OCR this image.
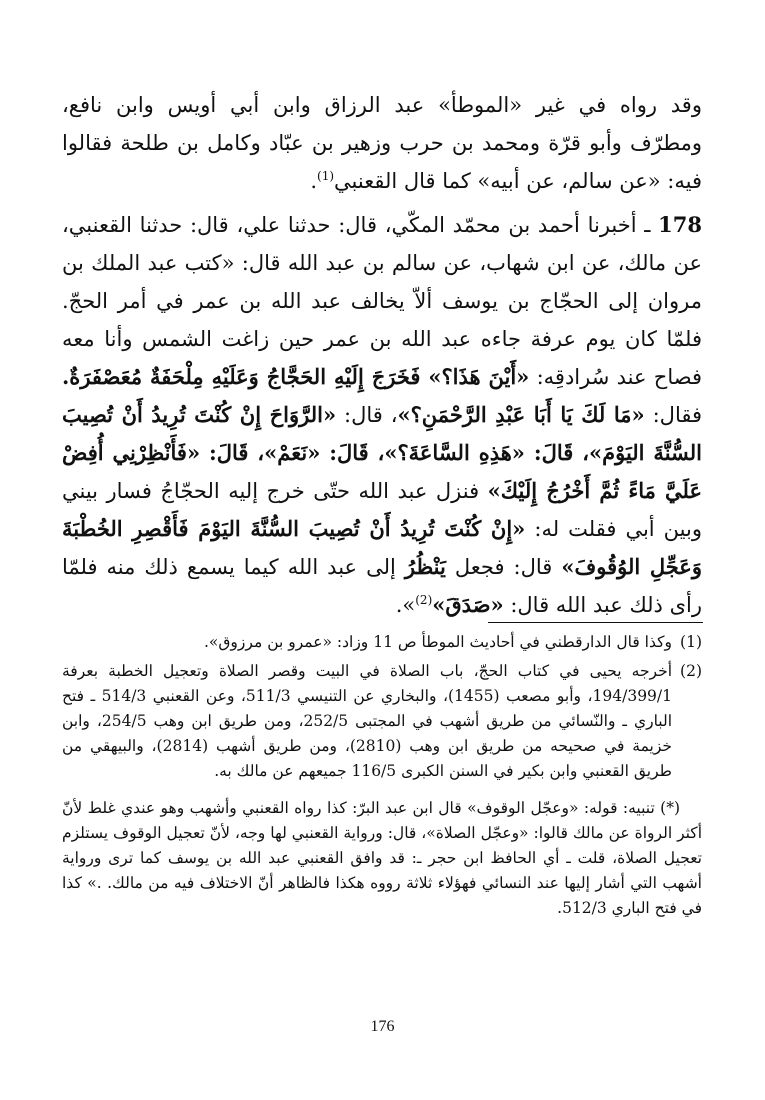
وقد رواه في غير «الموطأ» عبد الرزاق وابن أبي أويس وابن نافع، ومطرّف وأبو قرّة ومحمد بن حرب وزهير بن عبّاد وكامل بن طلحة فقالوا فيه: «عن سالم، عن أبيه» كما قال القعنبي$^{(1)}$.

178 ـ أخبرنا أحمد بن محمّد المكّي، قال: حدثنا علي، قال: حدثنا القعنبي، عن مالك، عن ابن شهاب، عن سالم بن عبد الله قال: «كتب عبد الملك بن مروان إلى الحجّاج بن يوسف ألاّ يخالف عبد الله بن عمر في أمر الحجّ. فلمّا كان يوم عرفة جاءه عبد الله بن عمر حين زاغت الشمس وأنا معه فصاح عند سُرادقِه: «أَيْنَ هَذَا؟» فَخَرَجَ إِلَيْهِ الحَجَّاجُ وَعَلَيْهِ مِلْحَفَةٌ مُعَصْفَرَةٌ. فقال: «مَا لَكَ يَا أَبَا عَبْدِ الرَّحْمَنِ؟»، قال: «الرَّوَاحَ إِنْ كُنْتَ تُرِيدُ أَنْ تُصِيبَ السُّنَّةَ اليَوْمَ»، قَالَ: «هَذِهِ السَّاعَةَ؟»، قَالَ: «نَعَمْ»، قَالَ: «فَأَنْظِرْنِي أُفِضْ عَلَيَّ مَاءً ثُمَّ أَخْرُجُ إِلَيْكَ» فنزل عبد الله حتّى خرج إليه الحجّاجُ فسار بيني وبين أبي فقلت له: «إِنْ كُنْتَ تُرِيدُ أَنْ تُصِيبَ السُّنَّةَ اليَوْمَ فَأَقْصِرِ الخُطْبَةَ وَعَجِّلِ الوُقُوفَ» قال: فجعل يَنْظُرُ إلى عبد الله كيما يسمع ذلك منه فلمّا رأى ذلك عبد الله قال: «صَدَقَ»$^{(2)}$».

(1)
وكذا قال الدارقطني في أحاديث الموطأ ص 11 وزاد: «عمرو بن مرزوق».
(2)
أخرجه يحيى في كتاب الحجّ، باب الصلاة في البيت وقصر الصلاة وتعجيل الخطبة بعرفة 194/399/1، وأبو مصعب (1455)، والبخاري عن التنيسي 511/3، وعن القعنبي 514/3 ـ فتح الباري ـ والنّسائي من طريق أشهب في المجتبى 252/5، ومن طريق ابن وهب 254/5، وابن خزيمة في صحيحه من طريق ابن وهب (2810)، ومن طريق أشهب (2814)، والبيهقي من طريق القعنبي وابن بكير في السنن الكبرى 116/5 جميعهم عن مالك به.
(*) تنبيه: قوله: «وعجّل الوقوف» قال ابن عبد البرّ: كذا رواه القعنبي وأشهب وهو عندي غلط لأنّ أكثر الرواة عن مالك قالوا: «وعجّل الصلاة»، قال: ورواية القعنبي لها وجه، لأنّ تعجيل الوقوف يستلزم تعجيل الصلاة، قلت ـ أي الحافظ ابن حجر ـ: قد وافق القعنبي عبد الله بن يوسف كما ترى ورواية أشهب التي أشار إليها عند النسائي فهؤلاء ثلاثة رووه هكذا فالظاهر أنّ الاختلاف فيه من مالك. .» كذا في فتح الباري 512/3.
176
